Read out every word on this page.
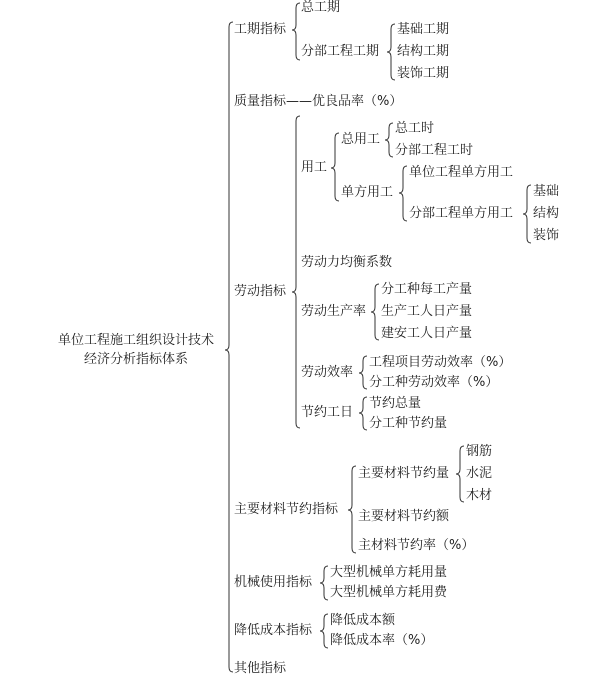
单位工程施工组织设计技术
经济分析指标体系
工期指标
总工期
分部工程工期
基础工期
结构工期
装饰工期
质量指标——优良品率（%）
劳动指标
用工
总用工
总工时
分部工程工时
单方用工
单位工程单方用工
分部工程单方用工
基础
结构
装饰
劳动力均衡系数
劳动生产率
分工种每工产量
生产工人日产量
建安工人日产量
劳动效率
工程项目劳动效率（%）
分工种劳动效率（%）
节约工日
节约总量
分工种节约量
主要材料节约指标
主要材料节约量
钢筋
水泥
木材
主要材料节约额
主材料节约率（%）
机械使用指标
大型机械单方耗用量
大型机械单方耗用费
降低成本指标
降低成本额
降低成本率（%）
其他指标
